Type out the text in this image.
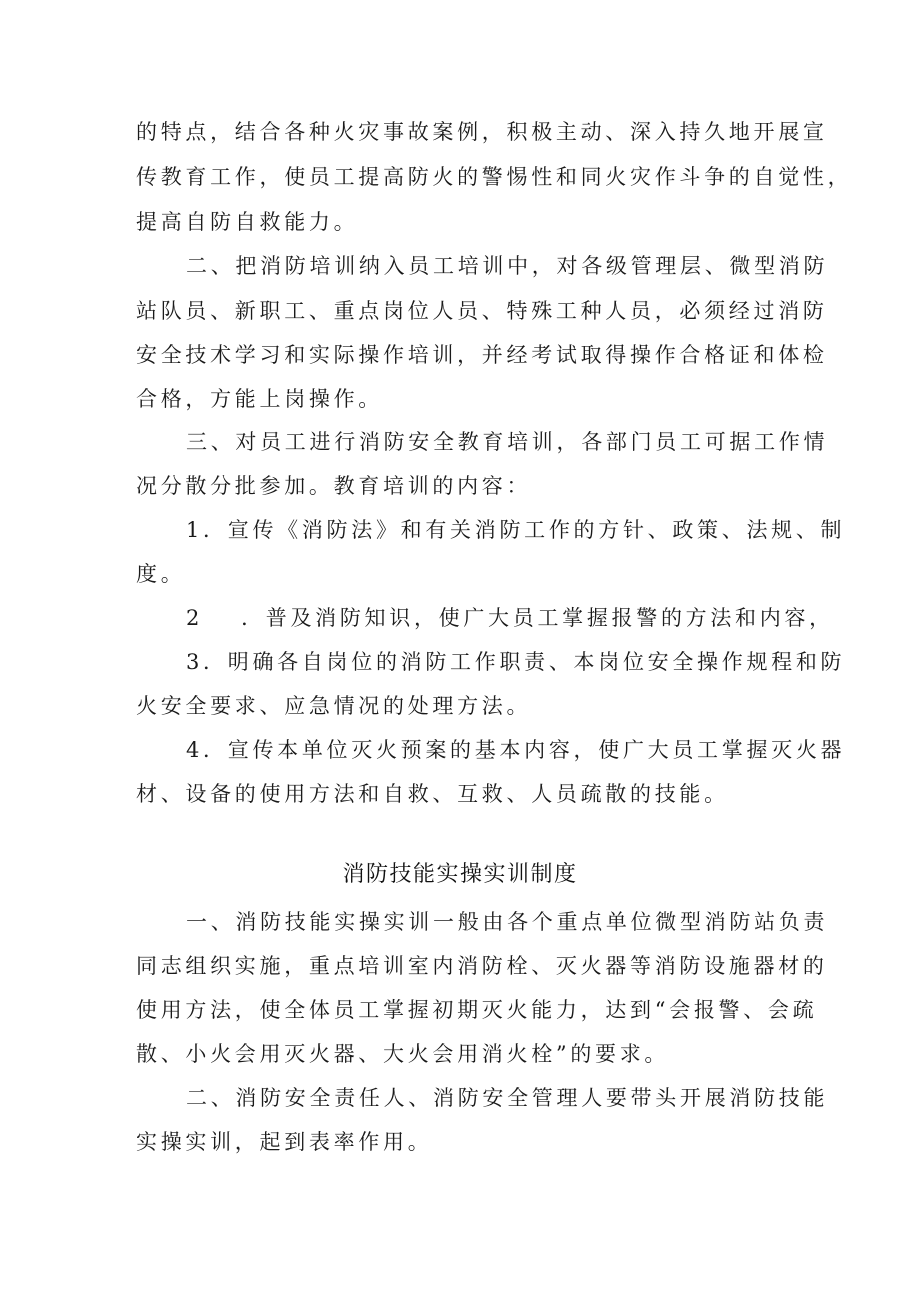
的特点，结合各种火灾事故案例，积极主动、深入持久地开展宣
传教育工作，使员工提高防火的警惕性和同火灾作斗争的自觉性，
提高自防自救能力。
二、把消防培训纳入员工培训中，对各级管理层、微型消防
站队员、新职工、重点岗位人员、特殊工种人员，必须经过消防
安全技术学习和实际操作培训，并经考试取得操作合格证和体检
合格，方能上岗操作。
三、对员工进行消防安全教育培训，各部门员工可据工作情
况分散分批参加。教育培训的内容：
1．宣传《消防法》和有关消防工作的方针、政策、法规、制
度。
2 ．普及消防知识，使广大员工掌握报警的方法和内容，
3．明确各自岗位的消防工作职责、本岗位安全操作规程和防
火安全要求、应急情况的处理方法。
4．宣传本单位灭火预案的基本内容，使广大员工掌握灭火器
材、设备的使用方法和自救、互救、人员疏散的技能。
消防技能实操实训制度
一、消防技能实操实训一般由各个重点单位微型消防站负责
同志组织实施，重点培训室内消防栓、灭火器等消防设施器材的
使用方法，使全体员工掌握初期灭火能力，达到“会报警、会疏
散、小火会用灭火器、大火会用消火栓”的要求。
二、消防安全责任人、消防安全管理人要带头开展消防技能
实操实训，起到表率作用。
